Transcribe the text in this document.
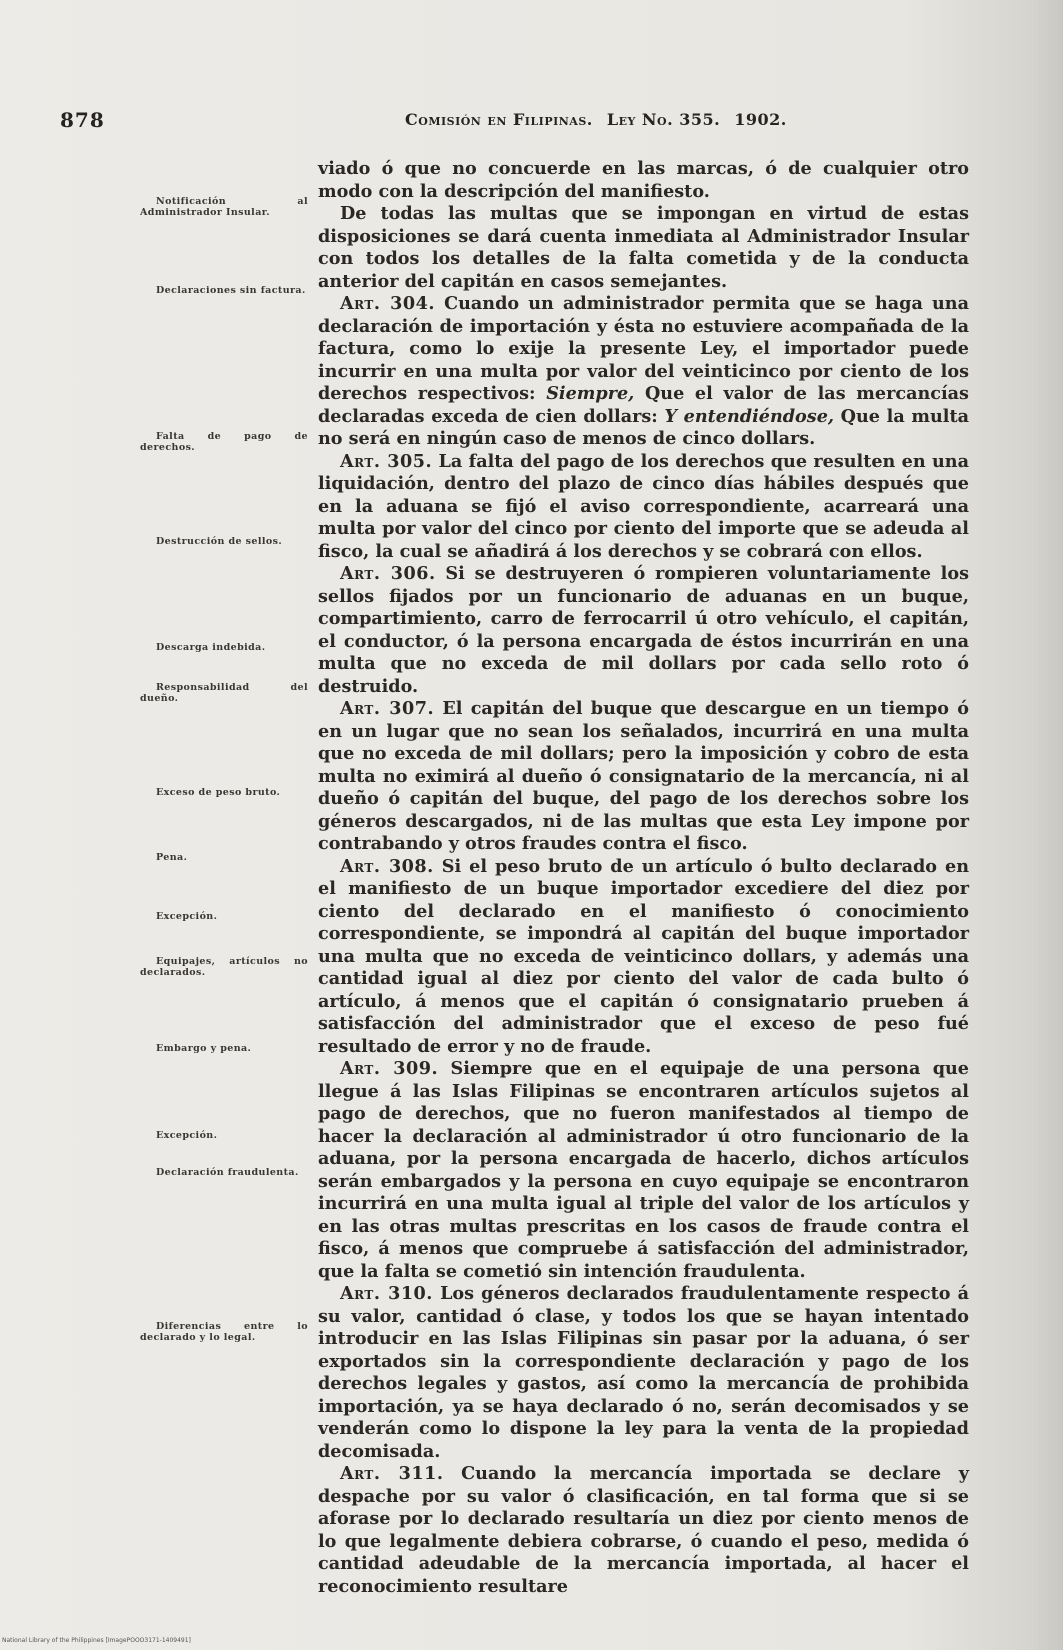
878	Comisión en Filipinas. Ley No. 355. 1902.
Notificación al Administrador Insular.
Declaraciones sin factura.
Falta de pago de derechos.
Destrucción de sellos.
Descarga indebida.
Responsabilidad del dueño.
Exceso de peso bruto.
Pena.
Excepción.
Equipajes, artículos no declarados.
Embargo y pena.
Excepción.
Declaración fraudulenta.
Diferencias entre lo declarado y lo legal.

viado ó que no concuerde en las marcas, ó de cualquier otro modo con la descripción del manifiesto.

De todas las multas que se impongan en virtud de estas disposiciones se dará cuenta inmediata al Administrador Insular con todos los detalles de la falta cometida y de la conducta anterior del capitán en casos semejantes.

Art. 304. Cuando un administrador permita que se haga una declaración de importación y ésta no estuviere acompañada de la factura, como lo exije la presente Ley, el importador puede incurrir en una multa por valor del veinticinco por ciento de los derechos respectivos: Siempre, Que el valor de las mercancías declaradas exceda de cien dollars: Y entendiéndose, Que la multa no será en ningún caso de menos de cinco dollars.

Art. 305. La falta del pago de los derechos que resulten en una liquidación, dentro del plazo de cinco días hábiles después que en la aduana se fijó el aviso correspondiente, acarreará una multa por valor del cinco por ciento del importe que se adeuda al fisco, la cual se añadirá á los derechos y se cobrará con ellos.

Art. 306. Si se destruyeren ó rompieren voluntariamente los sellos fijados por un funcionario de aduanas en un buque, compartimiento, carro de ferrocarril ú otro vehículo, el capitán, el conductor, ó la persona encargada de éstos incurrirán en una multa que no exceda de mil dollars por cada sello roto ó destruido.

Art. 307. El capitán del buque que descargue en un tiempo ó en un lugar que no sean los señalados, incurrirá en una multa que no exceda de mil dollars; pero la imposición y cobro de esta multa no eximirá al dueño ó consignatario de la mercancía, ni al dueño ó capitán del buque, del pago de los derechos sobre los géneros descargados, ni de las multas que esta Ley impone por contrabando y otros fraudes contra el fisco.

Art. 308. Si el peso bruto de un artículo ó bulto declarado en el manifiesto de un buque importador excediere del diez por ciento del declarado en el manifiesto ó conocimiento correspondiente, se impondrá al capitán del buque importador una multa que no exceda de veinticinco dollars, y además una cantidad igual al diez por ciento del valor de cada bulto ó artículo, á menos que el capitán ó consignatario prueben á satisfacción del administrador que el exceso de peso fué resultado de error y no de fraude.

Art. 309. Siempre que en el equipaje de una persona que llegue á las Islas Filipinas se encontraren artículos sujetos al pago de derechos, que no fueron manifestados al tiempo de hacer la declaración al administrador ú otro funcionario de la aduana, por la persona encargada de hacerlo, dichos artículos serán embargados y la persona en cuyo equipaje se encontraron incurrirá en una multa igual al triple del valor de los artículos y en las otras multas prescritas en los casos de fraude contra el fisco, á menos que compruebe á satisfacción del administrador, que la falta se cometió sin intención fraudulenta.

Art. 310. Los géneros declarados fraudulentamente respecto á su valor, cantidad ó clase, y todos los que se hayan intentado introducir en las Islas Filipinas sin pasar por la aduana, ó ser exportados sin la correspondiente declaración y pago de los derechos legales y gastos, así como la mercancía de prohibida importación, ya se haya declarado ó no, serán decomisados y se venderán como lo dispone la ley para la venta de la propiedad decomisada.

Art. 311. Cuando la mercancía importada se declare y despache por su valor ó clasificación, en tal forma que si se aforase por lo declarado resultaría un diez por ciento menos de lo que legalmente debiera cobrarse, ó cuando el peso, medida ó cantidad adeudable de la mercancía importada, al hacer el reconocimiento resultare

National Library of the Philippines [ImagePOOO3171-1409491]
